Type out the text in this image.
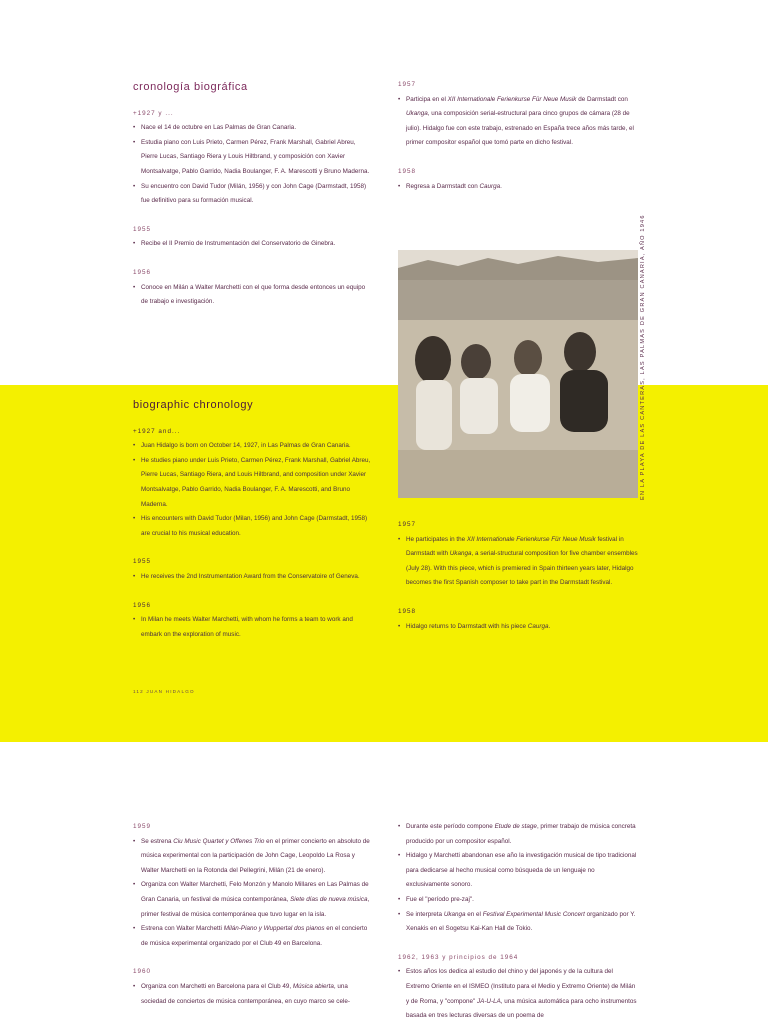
cronología biográfica
+1927 y ...
• Nace el 14 de octubre en Las Palmas de Gran Canaria.
• Estudia piano con Luis Prieto, Carmen Pérez, Frank Marshall, Gabriel Abreu, Pierre Lucas, Santiago Riera y Louis Hiltbrand, y composición con Xavier Montsalvatge, Pablo Garrido, Nadia Boulanger, F. A. Marescotti y Bruno Maderna.
• Su encuentro con David Tudor (Milán, 1956) y con John Cage (Darmstadt, 1958) fue definitivo para su formación musical.
1955
• Recibe el II Premio de Instrumentación del Conservatorio de Ginebra.
1956
• Conoce en Milán a Walter Marchetti con el que forma desde entonces un equipo de trabajo e investigación.
1957
• Participa en el XII Internationale Ferienkurse Für Neue Musik de Darmstadt con Ukanga, una composición serial-estructural para cinco grupos de cámara (28 de julio). Hidalgo fue con este trabajo, estrenado en España trece años más tarde, el primer compositor español que tomó parte en dicho festival.
1958
• Regresa a Darmstadt con Caurga.
EN LA PLAYA DE LAS CANTERAS, LAS PALMAS DE GRAN CANARIA, AÑO 1946
biographic chronology
+1927 and...
• Juan Hidalgo is born on October 14, 1927, in Las Palmas de Gran Canaria.
• He studies piano under Luis Prieto, Carmen Pérez, Frank Marshall, Gabriel Abreu, Pierre Lucas, Santiago Riera, and Louis Hiltbrand, and composition under Xavier Montsalvatge, Pablo Garrido, Nadia Boulanger, F. A. Marescotti, and Bruno Maderna.
• His encounters with David Tudor (Milan, 1956) and John Cage (Darmstadt, 1958) are crucial to his musical education.
1955
• He receives the 2nd Instrumentation Award from the Conservatoire of Geneva.
1956
• In Milan he meets Walter Marchetti, with whom he forms a team to work and embark on the exploration of music.
1957
• He participates in the XII Internationale Ferienkurse Für Neue Musik festival in Darmstadt with Ukanga, a serial-structural composition for five chamber ensembles (July 28). With this piece, which is premiered in Spain thirteen years later, Hidalgo becomes the first Spanish composer to take part in the Darmstadt festival.
1958
• Hidalgo returns to Darmstadt with his piece Caurga.
112 JUAN HIDALGO
1959
• Se estrena Ciu Music Quartet y Offenes Trio en el primer concierto en absoluto de música experimental con la participación de John Cage, Leopoldo La Rosa y Walter Marchetti en la Rotonda del Pellegrini, Milán (21 de enero).
• Organiza con Walter Marchetti, Felo Monzón y Manolo Millares en Las Palmas de Gran Canaria, un festival de música contemporánea, Siete días de nueva música, primer festival de música contemporánea que tuvo lugar en la isla.
• Estrena con Walter Marchetti Milán-Piano y Wuppertal dos pianos en el concierto de música experimental organizado por el Club 49 en Barcelona.
1960
• Organiza con Marchetti en Barcelona para el Club 49, Música abierta, una sociedad de conciertos de música contemporánea, en cuyo marco se cele-
• Durante este período compone Etude de stage, primer trabajo de música concreta producido por un compositor español.
• Hidalgo y Marchetti abandonan ese año la investigación musical de tipo tradicional para dedicarse al hecho musical como búsqueda de un lenguaje no exclusivamente sonoro.
• Fue el "período pre-zaj".
• Se interpreta Ukanga en el Festival Experimental Music Concert organizado por Y. Xenakis en el Sogetsu Kai-Kan Hall de Tokio.
1962, 1963 y principios de 1964
• Estos años los dedica al estudio del chino y del japonés y de la cultura del Extremo Oriente en el ISMEO (Instituto para el Medio y Extremo Oriente) de Milán y de Roma, y "compone" JA-U-LA, una música automática para ocho instrumentos basada en tres lecturas diversas de un poema de
